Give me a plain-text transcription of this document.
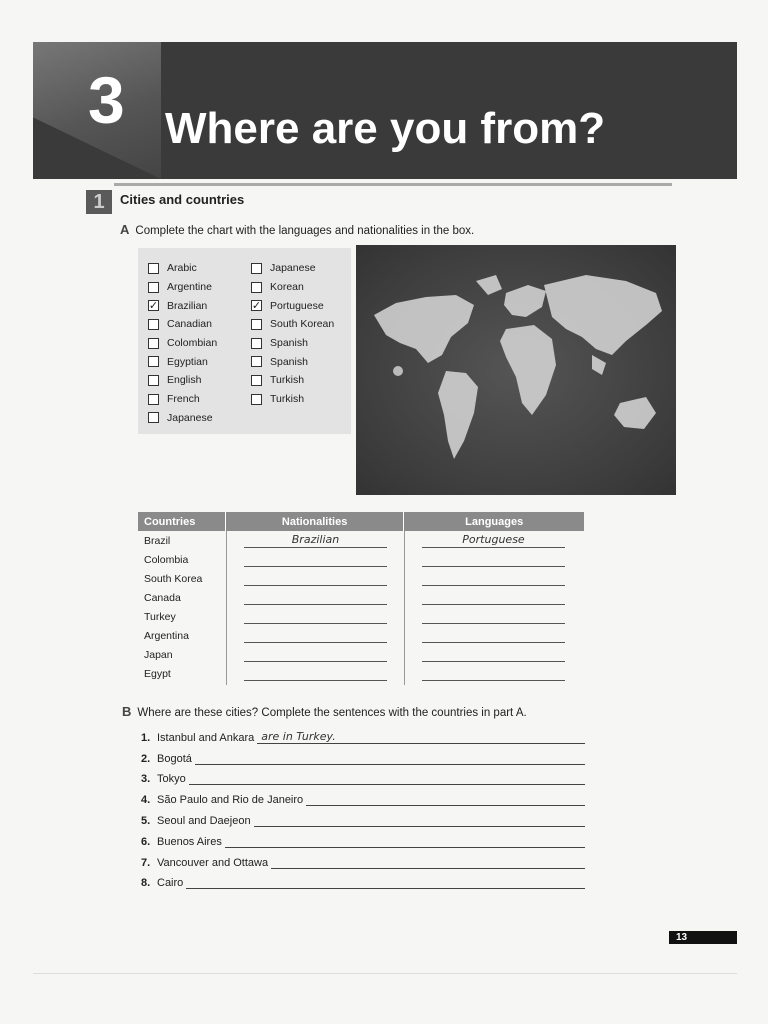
3 Where are you from?
1	Cities and countries
A Complete the chart with the languages and nationalities in the box.
Arabic
Argentine
✓ Brazilian
Canadian
Colombian
Egyptian
English
French
Japanese
Japanese
Korean
✓ Portuguese
South Korean
Spanish
Spanish
Turkish
Turkish
Countries	Nationalities	Languages
Brazil	Brazilian	Portuguese
Colombia
South Korea
Canada
Turkey
Argentina
Japan
Egypt
B Where are these cities? Complete the sentences with the countries in part A.
1. Istanbul and Ankara are in Turkey.
2. Bogotá
3. Tokyo
4. São Paulo and Rio de Janeiro
5. Seoul and Daejeon
6. Buenos Aires
7. Vancouver and Ottawa
8. Cairo
13
